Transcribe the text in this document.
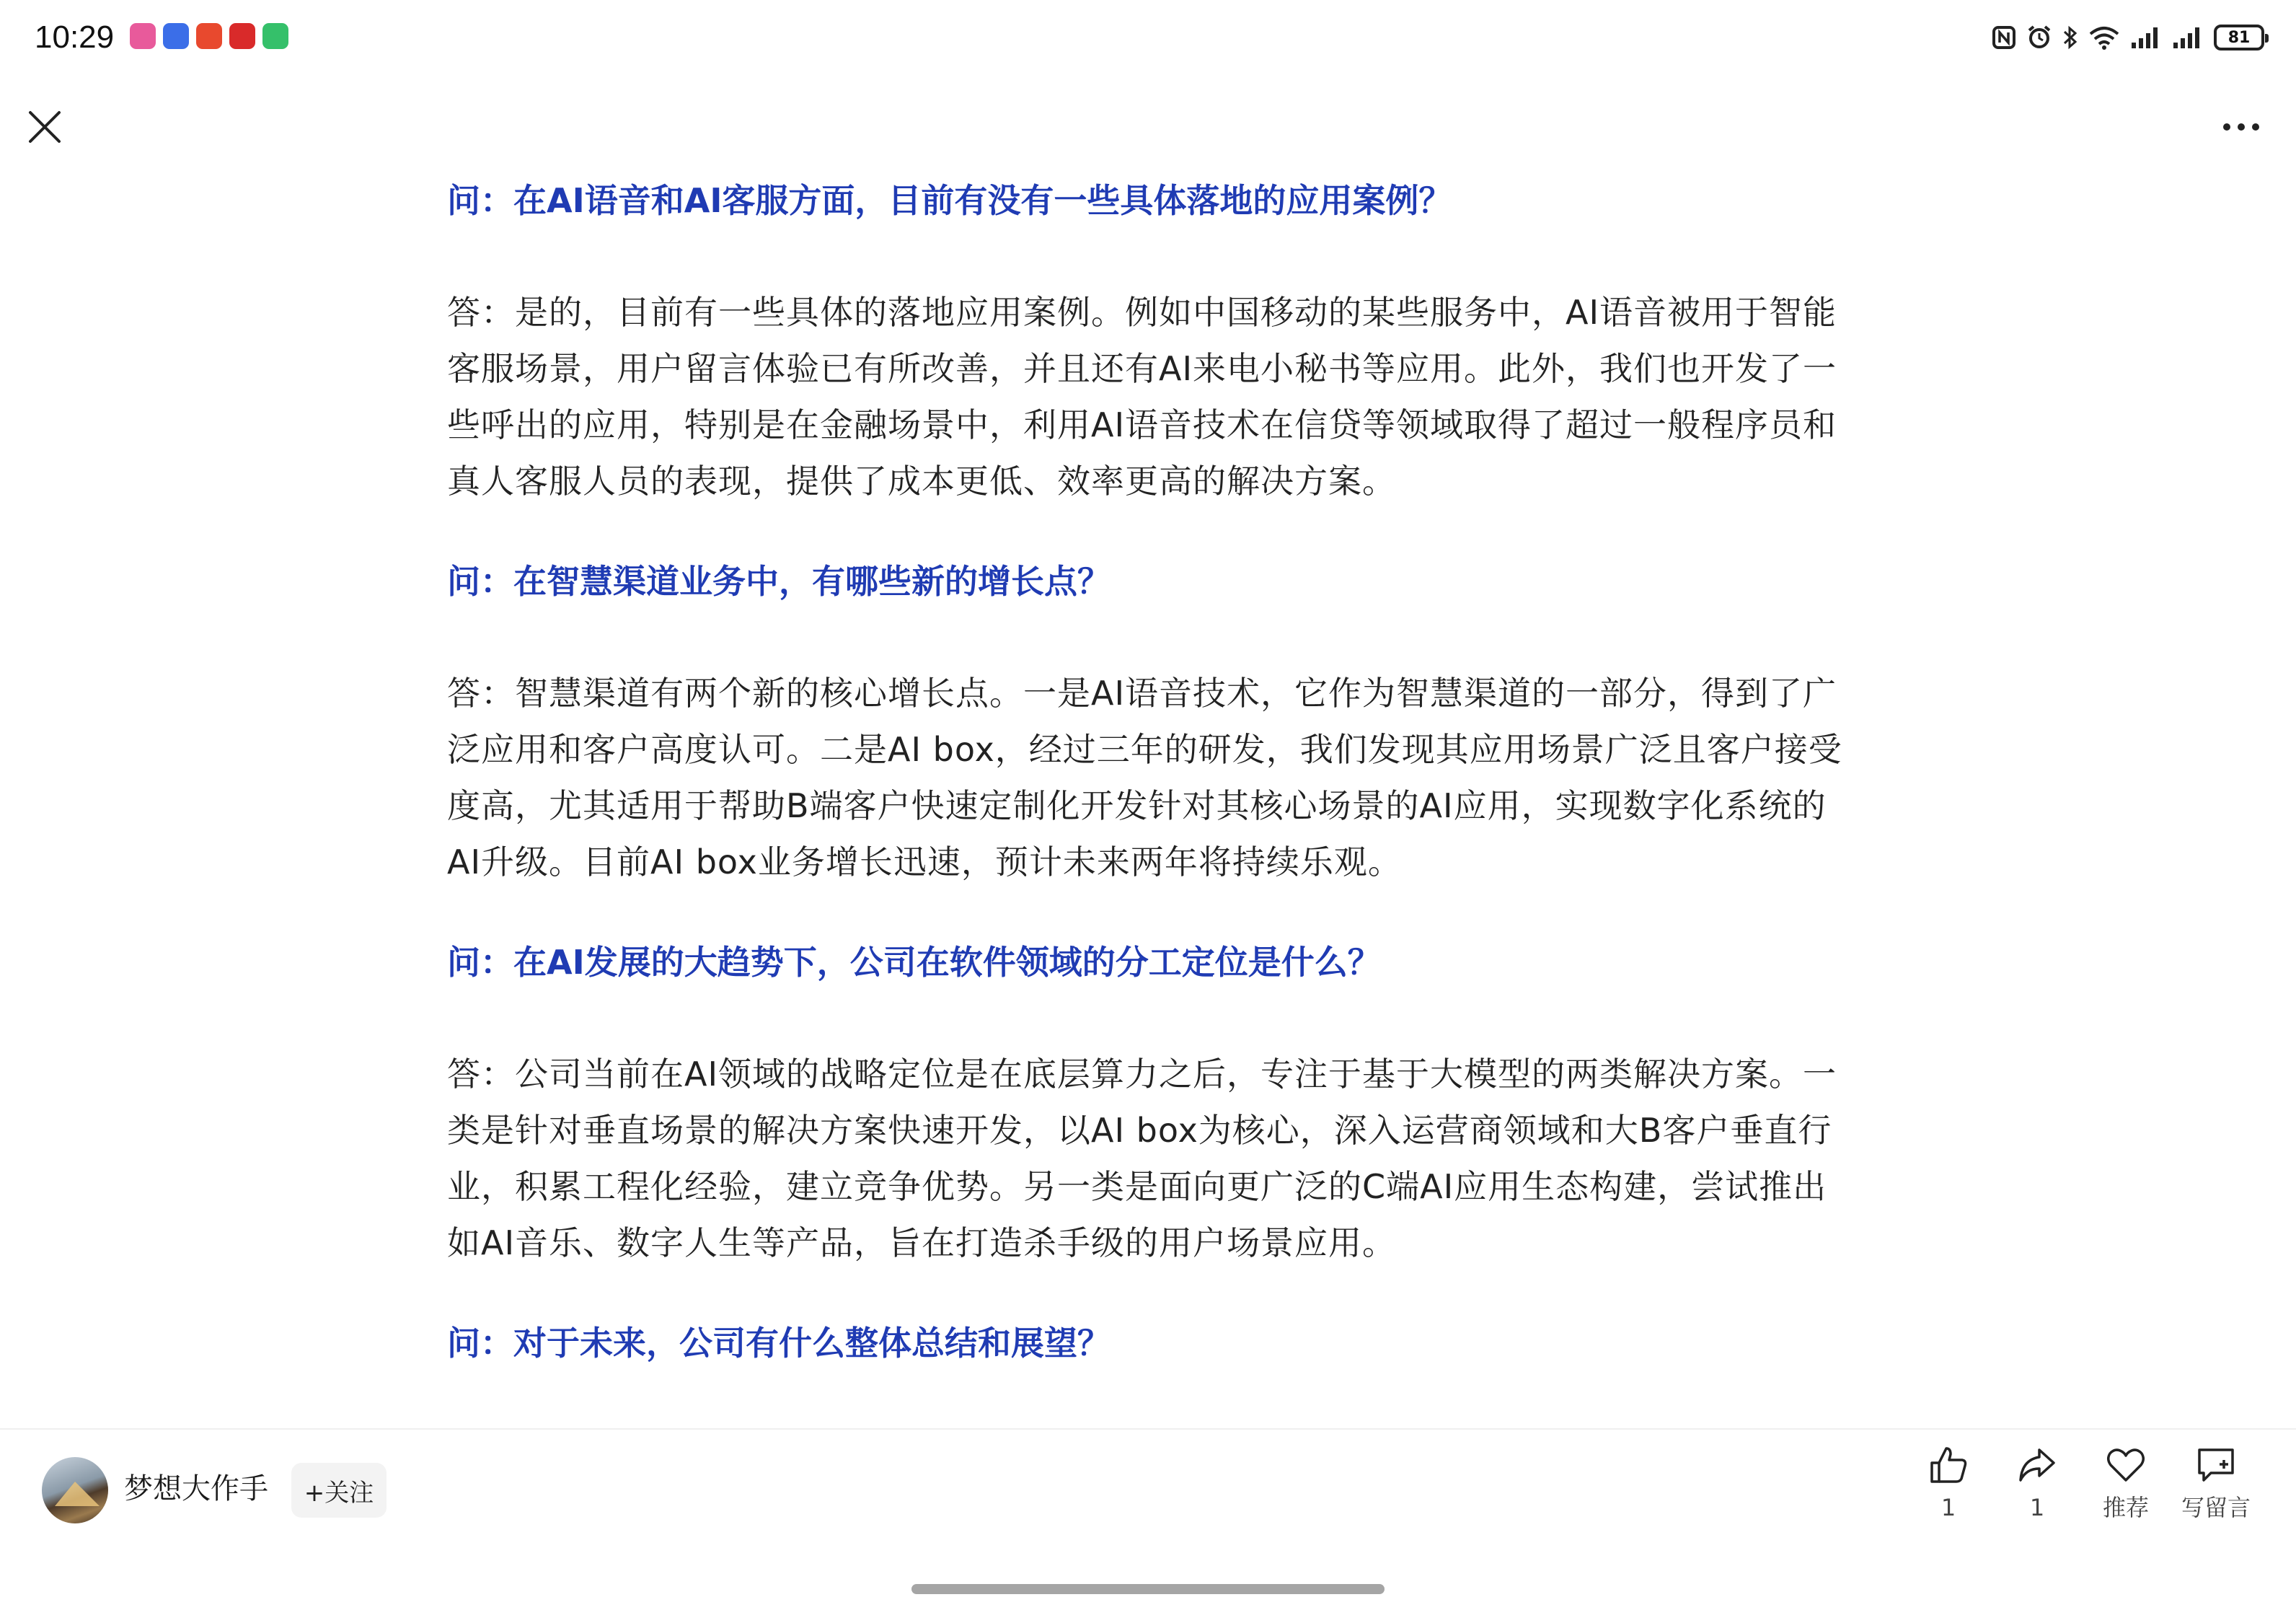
10:29	81

问：在AI语音和AI客服方面，目前有没有一些具体落地的应用案例？

答：是的，目前有一些具体的落地应用案例。例如中国移动的某些服务中，AI语音被用于智能客服场景，用户留言体验已有所改善，并且还有AI来电小秘书等应用。此外，我们也开发了一些呼出的应用，特别是在金融场景中，利用AI语音技术在信贷等领域取得了超过一般程序员和真人客服人员的表现，提供了成本更低、效率更高的解决方案。

问：在智慧渠道业务中，有哪些新的增长点？

答：智慧渠道有两个新的核心增长点。一是AI语音技术，它作为智慧渠道的一部分，得到了广泛应用和客户高度认可。二是AI box，经过三年的研发，我们发现其应用场景广泛且客户接受度高，尤其适用于帮助B端客户快速定制化开发针对其核心场景的AI应用，实现数字化系统的AI升级。目前AI box业务增长迅速，预计未来两年将持续乐观。

问：在AI发展的大趋势下，公司在软件领域的分工定位是什么？

答：公司当前在AI领域的战略定位是在底层算力之后，专注于基于大模型的两类解决方案。一类是针对垂直场景的解决方案快速开发，以AI box为核心，深入运营商领域和大B客户垂直行业，积累工程化经验，建立竞争优势。另一类是面向更广泛的C端AI应用生态构建，尝试推出如AI音乐、数字人生等产品，旨在打造杀手级的用户场景应用。

问：对于未来，公司有什么整体总结和展望？

梦想大作手	+关注
1	1	推荐	写留言
